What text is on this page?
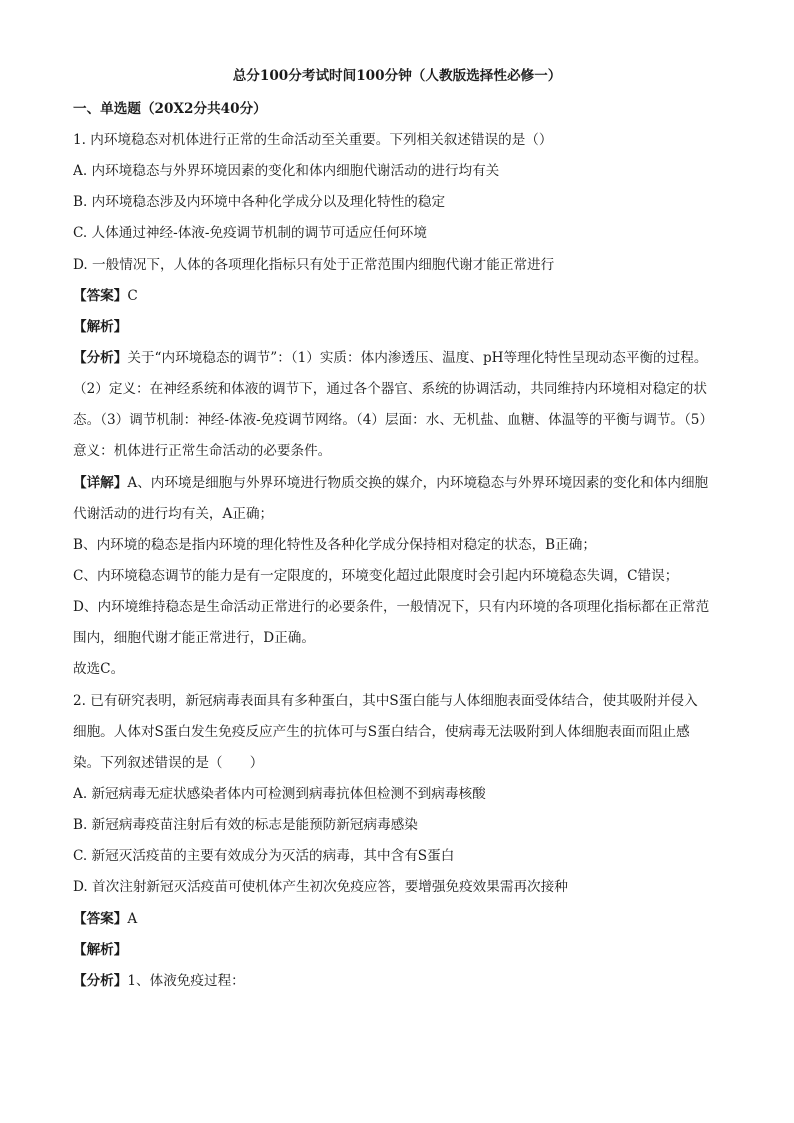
总分100分考试时间100分钟（人教版选择性必修一）
一、单选题（20X2分共40分）
1. 内环境稳态对机体进行正常的生命活动至关重要。下列相关叙述错误的是（）
A. 内环境稳态与外界环境因素的变化和体内细胞代谢活动的进行均有关
B. 内环境稳态涉及内环境中各种化学成分以及理化特性的稳定
C. 人体通过神经-体液-免疫调节机制的调节可适应任何环境
D. 一般情况下，人体的各项理化指标只有处于正常范围内细胞代谢才能正常进行
【答案】C
【解析】
【分析】关于“内环境稳态的调节”：（1）实质：体内渗透压、温度、pH等理化特性呈现动态平衡的过程。
（2）定义：在神经系统和体液的调节下，通过各个器官、系统的协调活动，共同维持内环境相对稳定的状
态。（3）调节机制：神经-体液-免疫调节网络。（4）层面：水、无机盐、血糖、体温等的平衡与调节。（5）
意义：机体进行正常生命活动的必要条件。
【详解】A、内环境是细胞与外界环境进行物质交换的媒介，内环境稳态与外界环境因素的变化和体内细胞
代谢活动的进行均有关，A正确；
B、内环境的稳态是指内环境的理化特性及各种化学成分保持相对稳定的状态，B正确；
C、内环境稳态调节的能力是有一定限度的，环境变化超过此限度时会引起内环境稳态失调，C错误；
D、内环境维持稳态是生命活动正常进行的必要条件，一般情况下，只有内环境的各项理化指标都在正常范
围内，细胞代谢才能正常进行，D正确。
故选C。
2. 已有研究表明，新冠病毒表面具有多种蛋白，其中S蛋白能与人体细胞表面受体结合，使其吸附并侵入
细胞。人体对S蛋白发生免疫反应产生的抗体可与S蛋白结合，使病毒无法吸附到人体细胞表面而阻止感
染。下列叙述错误的是（　　）
A. 新冠病毒无症状感染者体内可检测到病毒抗体但检测不到病毒核酸
B. 新冠病毒疫苗注射后有效的标志是能预防新冠病毒感染
C. 新冠灭活疫苗的主要有效成分为灭活的病毒，其中含有S蛋白
D. 首次注射新冠灭活疫苗可使机体产生初次免疫应答，要增强免疫效果需再次接种
【答案】A
【解析】
【分析】1、体液免疫过程：
